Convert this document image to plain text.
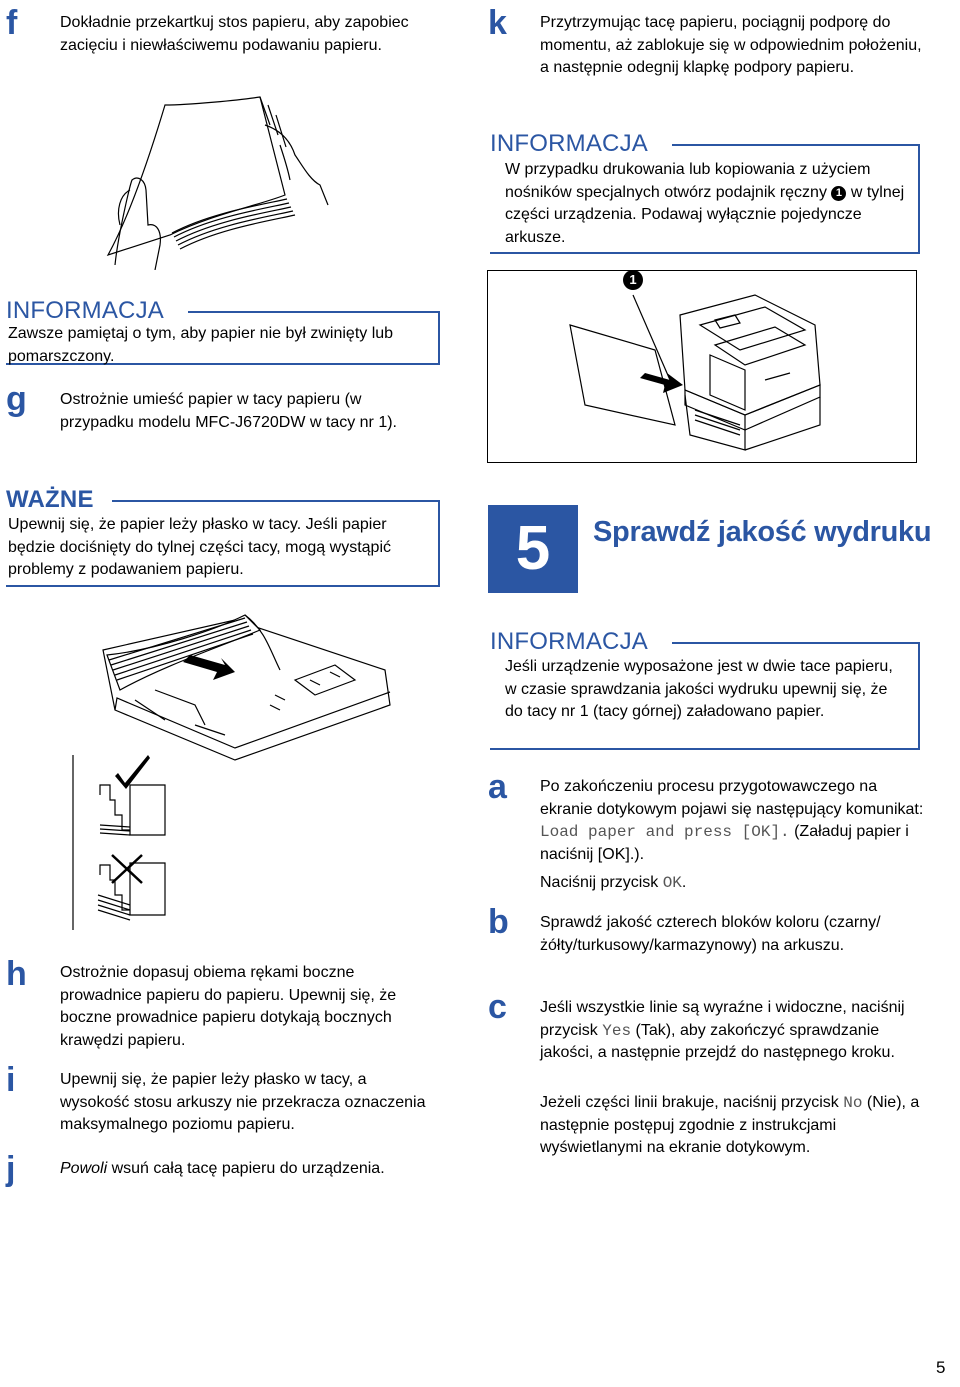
f	Dokładnie przekartkuj stos papieru, aby zapobiec zacięciu i niewłaściwemu podawaniu papieru.
INFORMACJA
Zawsze pamiętaj o tym, aby papier nie był zwinięty lub pomarszczony.
g Ostrożnie umieść papier w tacy papieru (w przypadku modelu MFC-J6720DW w tacy nr 1).
WAŻNE
Upewnij się, że papier leży płasko w tacy. Jeśli papier będzie dociśnięty do tylnej części tacy, mogą wystąpić problemy z podawaniem papieru.
h Ostrożnie dopasuj obiema rękami boczne prowadnice papieru do papieru. Upewnij się, że boczne prowadnice papieru dotykają bocznych krawędzi papieru.
i	Upewnij się, że papier leży płasko w tacy, a wysokość stosu arkuszy nie przekracza oznaczenia maksymalnego poziomu papieru.
j	Powoli wsuń całą tacę papieru do urządzenia.
k Przytrzymując tacę papieru, pociągnij podporę do momentu, aż zablokuje się w odpowiednim położeniu, a następnie odegnij klapkę podpory papieru.
INFORMACJA
W przypadku drukowania lub kopiowania z użyciem nośników specjalnych otwórz podajnik ręczny 1 w tylnej części urządzenia. Podawaj wyłącznie pojedyncze arkusze.
1
5	Sprawdź jakość wydruku
INFORMACJA
Jeśli urządzenie wyposażone jest w dwie tace papieru, w czasie sprawdzania jakości wydruku upewnij się, że do tacy nr 1 (tacy górnej) załadowano papier.
a Po zakończeniu procesu przygotowawczego na ekranie dotykowym pojawi się następujący komunikat: Load paper and press [OK]. (Załaduj papier i naciśnij [OK].).
Naciśnij przycisk OK.
b Sprawdź jakość czterech bloków koloru (czarny/żółty/turkusowy/karmazynowy) na arkuszu.
c Jeśli wszystkie linie są wyraźne i widoczne, naciśnij przycisk Yes (Tak), aby zakończyć sprawdzanie jakości, a następnie przejdź do następnego kroku.
Jeżeli części linii brakuje, naciśnij przycisk No (Nie), a następnie postępuj zgodnie z instrukcjami wyświetlanymi na ekranie dotykowym.
5
